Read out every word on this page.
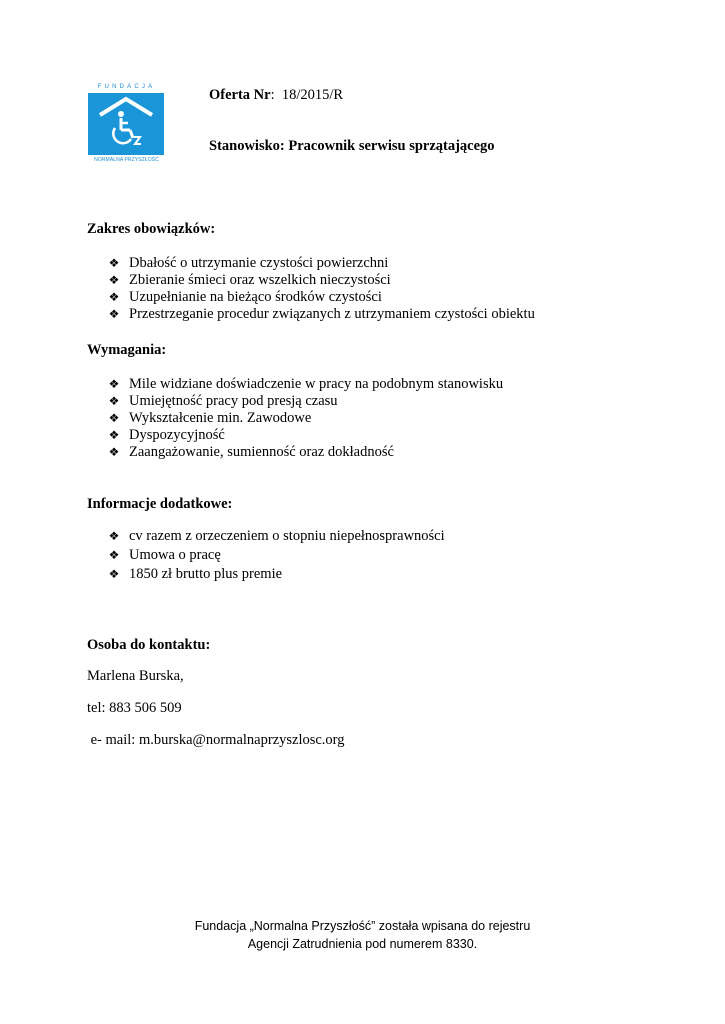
FUNDACJA
NORMALNA PRZYSZŁOŚĆ
Oferta Nr: 18/2015/R
Stanowisko: Pracownik serwisu sprzątającego
Zakres obowiązków:
❖ Dbałość o utrzymanie czystości powierzchni
❖ Zbieranie śmieci oraz wszelkich nieczystości
❖ Uzupełnianie na bieżąco środków czystości
❖ Przestrzeganie procedur związanych z utrzymaniem czystości obiektu
Wymagania:
❖ Mile widziane doświadczenie w pracy na podobnym stanowisku
❖ Umiejętność pracy pod presją czasu
❖ Wykształcenie min. Zawodowe
❖ Dyspozycyjność
❖ Zaangażowanie, sumienność oraz dokładność
Informacje dodatkowe:
❖ cv razem z orzeczeniem o stopniu niepełnosprawności
❖ Umowa o pracę
❖ 1850 zł brutto plus premie
Osoba do kontaktu:
Marlena Burska,
tel: 883 506 509
e- mail: m.burska@normalnaprzyszlosc.org
Fundacja „Normalna Przyszłość” została wpisana do rejestru
Agencji Zatrudnienia pod numerem 8330.
